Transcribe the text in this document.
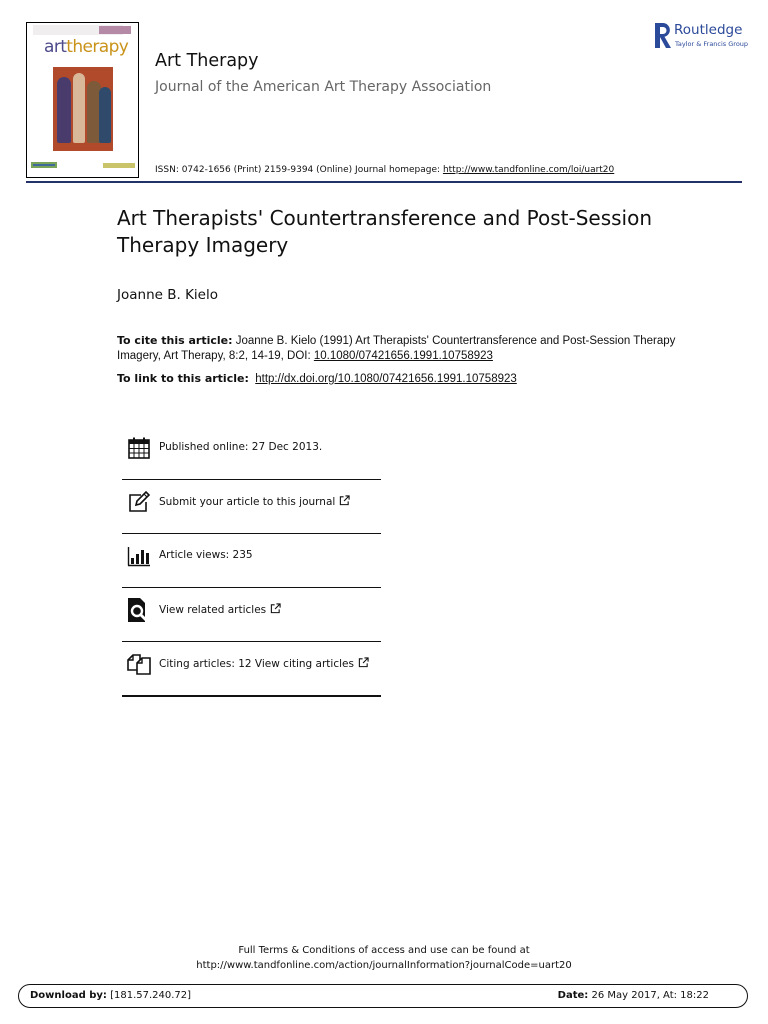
arttherapy
Art Therapy
Journal of the American Art Therapy Association
ISSN: 0742-1656 (Print) 2159-9394 (Online) Journal homepage: http://www.tandfonline.com/loi/uart20
Routledge
Taylor & Francis Group
Art Therapists' Countertransference and Post-Session Therapy Imagery
Joanne B. Kielo
To cite this article: Joanne B. Kielo (1991) Art Therapists' Countertransference and Post-Session Therapy Imagery, Art Therapy, 8:2, 14-19, DOI: 10.1080/07421656.1991.10758923
To link to this article: http://dx.doi.org/10.1080/07421656.1991.10758923
Published online: 27 Dec 2013.
Submit your article to this journal
Article views: 235
View related articles
Citing articles: 12 View citing articles
Full Terms & Conditions of access and use can be found at
http://www.tandfonline.com/action/journalInformation?journalCode=uart20
Download by: [181.57.240.72]	Date: 26 May 2017, At: 18:22
